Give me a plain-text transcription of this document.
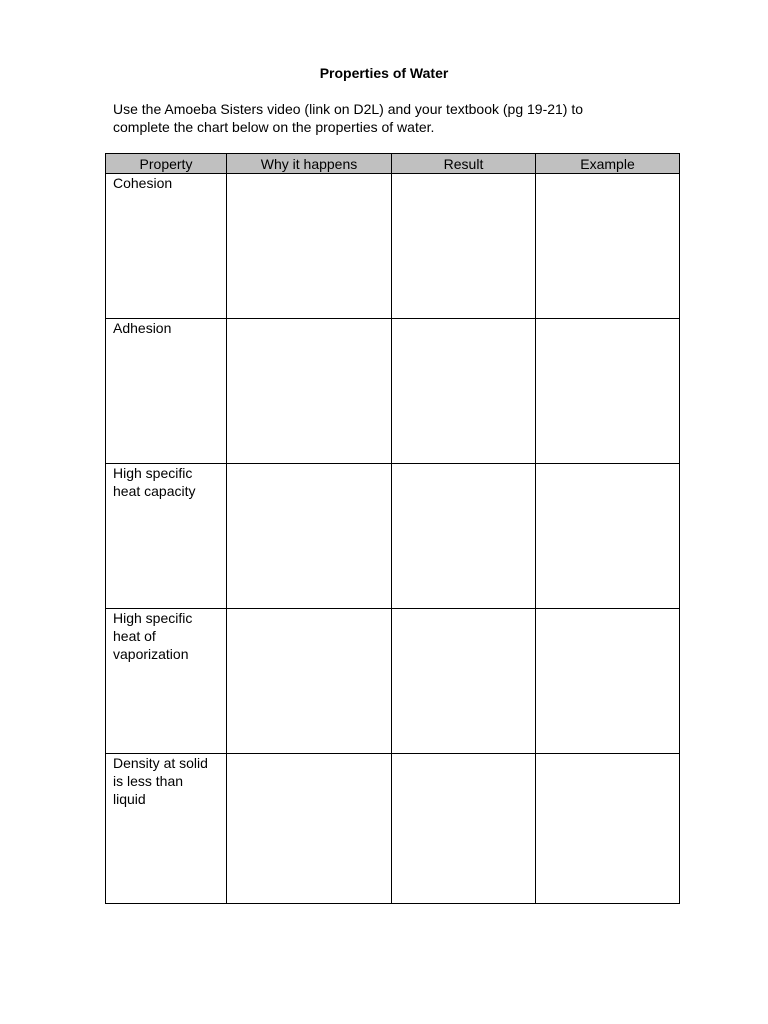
Properties of Water
Use the Amoeba Sisters video (link on D2L) and your textbook (pg 19-21) to
complete the chart below on the properties of water.
Property	Why it happens	Result	Example

Cohesion			

Adhesion			

High specific
heat capacity			

High specific
heat of
vaporization			

Density at solid
is less than
liquid			
